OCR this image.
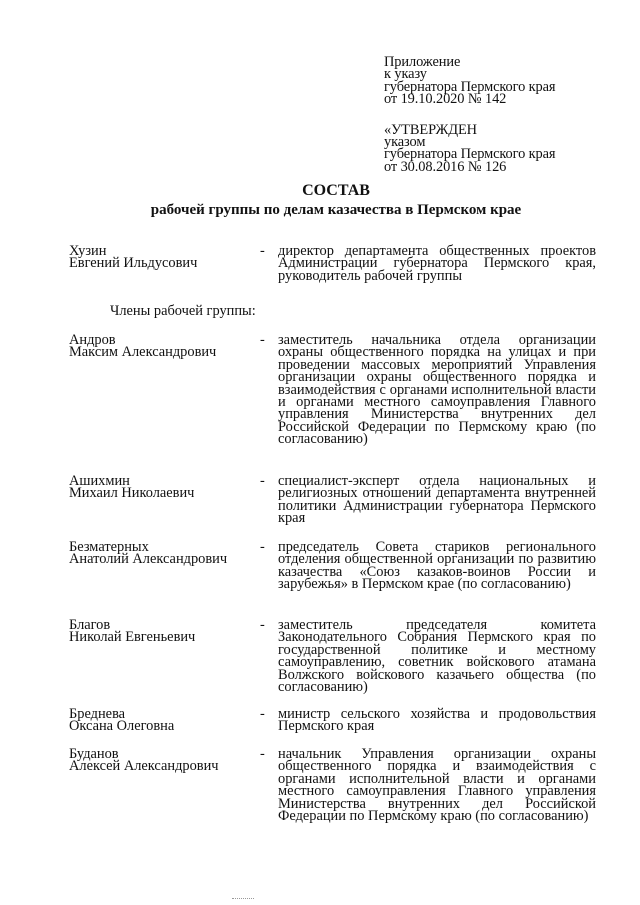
Приложение
к указу
губернатора Пермского края
от 19.10.2020 № 142
«УТВЕРЖДЕН
указом
губернатора Пермского края
от 30.08.2016 № 126
СОСТАВ
рабочей группы по делам казачества в Пермском крае
Хузин
Евгений Ильдусович
- директор департамента общественных проектов Администрации губернатора Пермского края, руководитель рабочей группы
Члены рабочей группы:
Андров
Максим Александрович
- заместитель начальника отдела организации охраны общественного порядка на улицах и при проведении массовых мероприятий Управления организации охраны общественного порядка и взаимодействия с органами исполнительной власти и органами местного самоуправления Главного управления Министерства внутренних дел Российской Федерации по Пермскому краю (по согласованию)
Ашихмин
Михаил Николаевич
- специалист-эксперт отдела национальных и религиозных отношений департамента внутренней политики Администрации губернатора Пермского края
Безматерных
Анатолий Александрович
- председатель Совета стариков регионального отделения общественной организации по развитию казачества «Союз казаков-воинов России и зарубежья» в Пермском крае (по согласованию)
Благов
Николай Евгеньевич
- заместитель председателя комитета Законодательного Собрания Пермского края по государственной политике и местному самоуправлению, советник войскового атамана Волжского войскового казачьего общества (по согласованию)
Бреднева
Оксана Олеговна
- министр сельского хозяйства и продовольствия Пермского края
Буданов
Алексей Александрович
- начальник Управления организации охраны общественного порядка и взаимодействия с органами исполнительной власти и органами местного самоуправления Главного управления Министерства внутренних дел Российской Федерации по Пермскому краю (по согласованию)
